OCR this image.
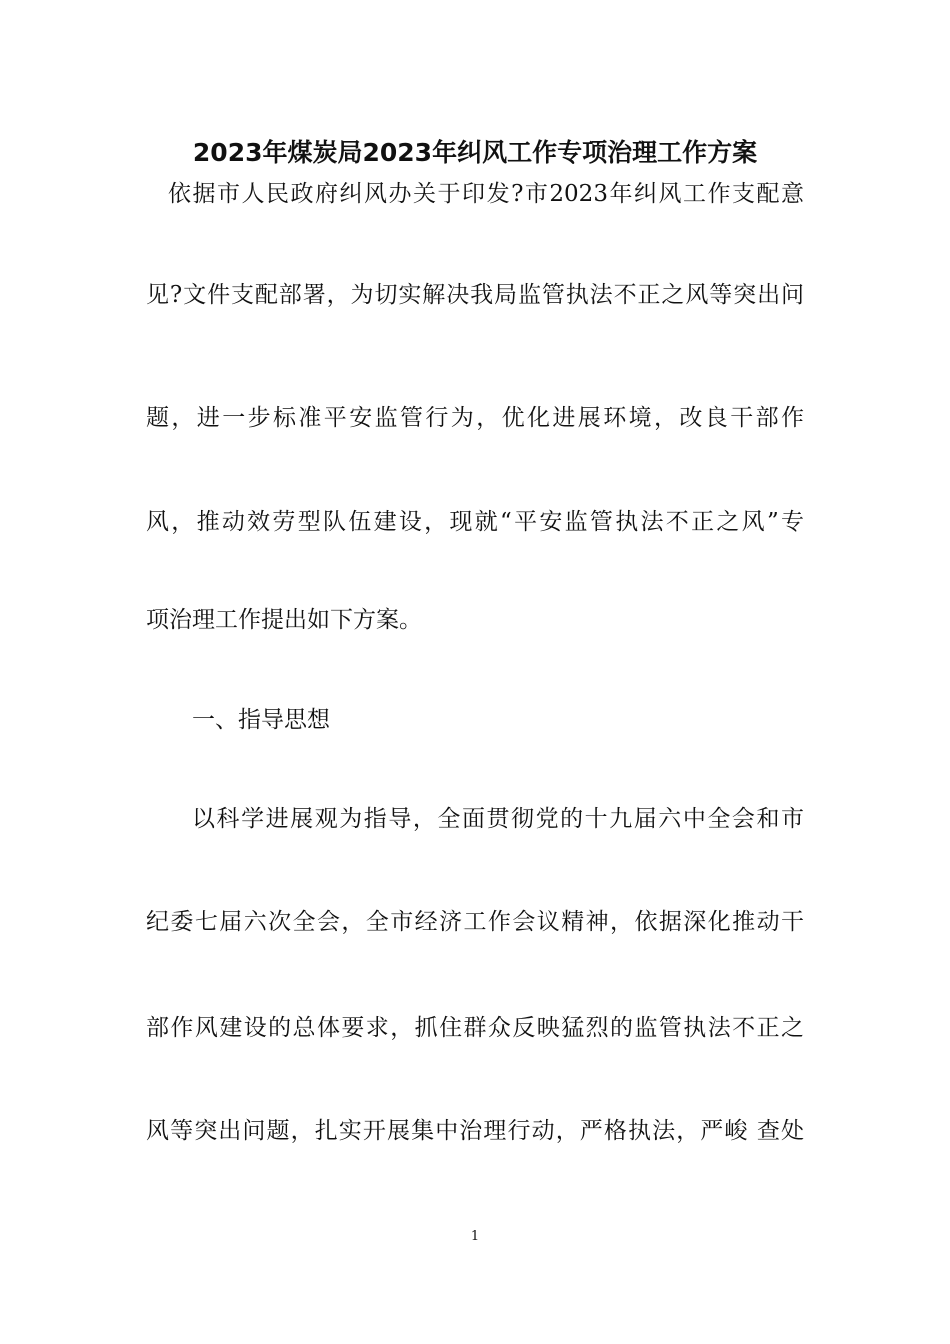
2023年煤炭局2023年纠风工作专项治理工作方案

依据市人民政府纠风办关于印发?市2023年纠风工作支配意

见?文件支配部署，为切实解决我局监管执法不正之风等突出问

题，进一步标准平安监管行为，优化进展环境，改良干部作

风，推动效劳型队伍建设，现就“平安监管执法不正之风”专

项治理工作提出如下方案。

一、指导思想

以科学进展观为指导，全面贯彻党的十九届六中全会和市

纪委七届六次全会，全市经济工作会议精神，依据深化推动干

部作风建设的总体要求，抓住群众反映猛烈的监管执法不正之

风等突出问题，扎实开展集中治理行动，严格执法，严峻 查处

1
